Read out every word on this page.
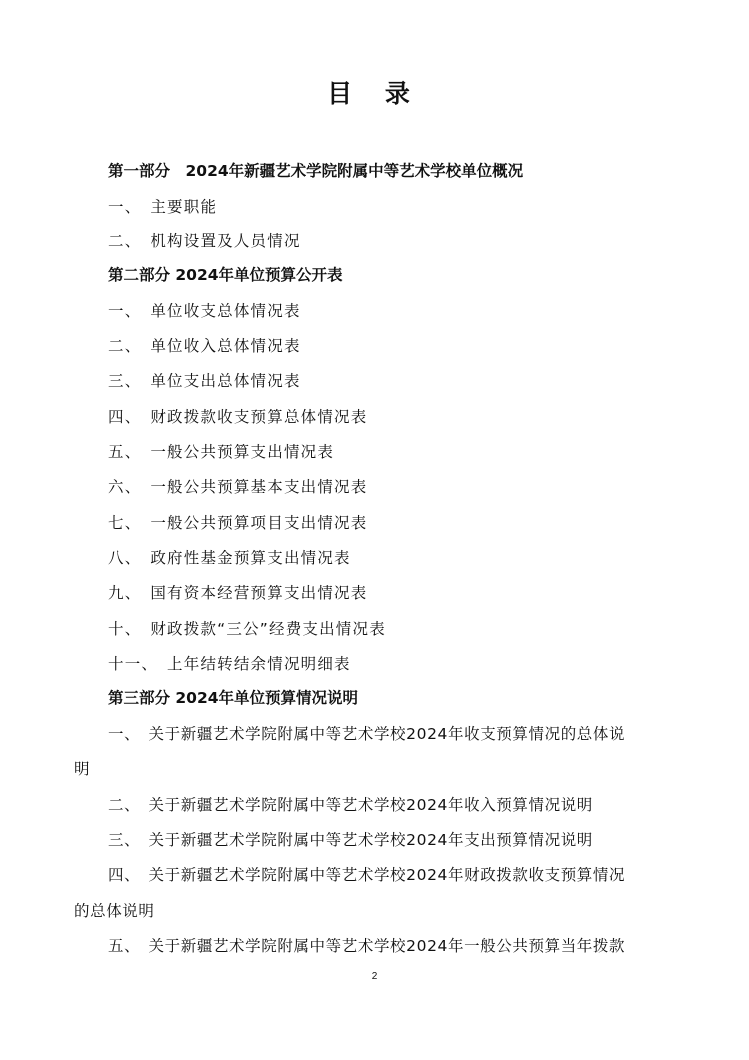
目 录
第一部分　2024年新疆艺术学院附属中等艺术学校单位概况
一、　主要职能
二、　机构设置及人员情况
第二部分 2024年单位预算公开表
一、　单位收支总体情况表
二、　单位收入总体情况表
三、　单位支出总体情况表
四、　财政拨款收支预算总体情况表
五、　一般公共预算支出情况表
六、　一般公共预算基本支出情况表
七、　一般公共预算项目支出情况表
八、　政府性基金预算支出情况表
九、　国有资本经营预算支出情况表
十、　财政拨款“三公”经费支出情况表
十一、　上年结转结余情况明细表
第三部分 2024年单位预算情况说明
一、　关于新疆艺术学院附属中等艺术学校2024年收支预算情况的总体说
明
二、　关于新疆艺术学院附属中等艺术学校2024年收入预算情况说明
三、　关于新疆艺术学院附属中等艺术学校2024年支出预算情况说明
四、　关于新疆艺术学院附属中等艺术学校2024年财政拨款收支预算情况
的总体说明
五、　关于新疆艺术学院附属中等艺术学校2024年一般公共预算当年拨款
2
